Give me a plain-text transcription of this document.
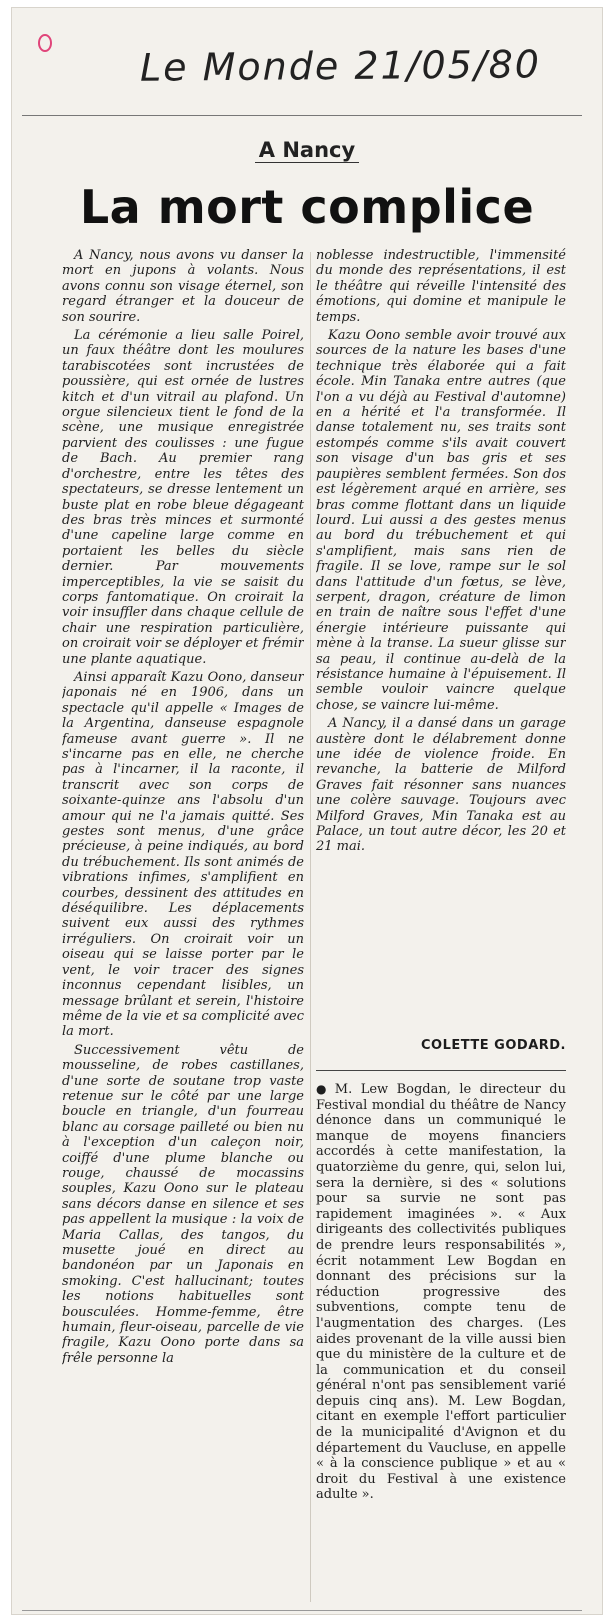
Le Monde 21/05/80
A Nancy
La mort complice

A Nancy, nous avons vu danser la mort en jupons à volants. Nous avons connu son visage éternel, son regard étranger et la douceur de son sourire.

La cérémonie a lieu salle Poirel, un faux théâtre dont les moulures tarabiscotées sont incrustées de poussière, qui est ornée de lustres kitch et d'un vitrail au plafond. Un orgue silencieux tient le fond de la scène, une musique enregistrée parvient des coulisses : une fugue de Bach. Au premier rang d'orchestre, entre les têtes des spectateurs, se dresse lentement un buste plat en robe bleue dégageant des bras très minces et surmonté d'une capeline large comme en portaient les belles du siècle dernier. Par mouvements imperceptibles, la vie se saisit du corps fantomatique. On croirait la voir insuffler dans chaque cellule de chair une respiration particulière, on croirait voir se déployer et frémir une plante aquatique.

Ainsi apparaît Kazu Oono, danseur japonais né en 1906, dans un spectacle qu'il appelle « Images de la Argentina, danseuse espagnole fameuse avant guerre ». Il ne s'incarne pas en elle, ne cherche pas à l'incarner, il la raconte, il transcrit avec son corps de soixante-quinze ans l'absolu d'un amour qui ne l'a jamais quitté. Ses gestes sont menus, d'une grâce précieuse, à peine indiqués, au bord du trébuchement. Ils sont animés de vibrations infimes, s'amplifient en courbes, dessinent des attitudes en déséquilibre. Les déplacements suivent eux aussi des rythmes irréguliers. On croirait voir un oiseau qui se laisse porter par le vent, le voir tracer des signes inconnus cependant lisibles, un message brûlant et serein, l'histoire même de la vie et sa complicité avec la mort.

Successivement vêtu de mousseline, de robes castillanes, d'une sorte de soutane trop vaste retenue sur le côté par une large boucle en triangle, d'un fourreau blanc au corsage pailleté ou bien nu à l'exception d'un caleçon noir, coiffé d'une plume blanche ou rouge, chaussé de mocassins souples, Kazu Oono sur le plateau sans décors danse en silence et ses pas appellent la musique : la voix de Maria Callas, des tangos, du musette joué en direct au bandonéon par un Japonais en smoking. C'est hallucinant; toutes les notions habituelles sont bousculées. Homme-femme, être humain, fleur-oiseau, parcelle de vie fragile, Kazu Oono porte dans sa frêle personne la

noblesse indestructible, l'immensité du monde des représentations, il est le théâtre qui réveille l'intensité des émotions, qui domine et manipule le temps.

Kazu Oono semble avoir trouvé aux sources de la nature les bases d'une technique très élaborée qui a fait école. Min Tanaka entre autres (que l'on a vu déjà au Festival d'automne) en a hérité et l'a transformée. Il danse totalement nu, ses traits sont estompés comme s'ils avait couvert son visage d'un bas gris et ses paupières semblent fermées. Son dos est légèrement arqué en arrière, ses bras comme flottant dans un liquide lourd. Lui aussi a des gestes menus au bord du trébuchement et qui s'amplifient, mais sans rien de fragile. Il se love, rampe sur le sol dans l'attitude d'un fœtus, se lève, serpent, dragon, créature de limon en train de naître sous l'effet d'une énergie intérieure puissante qui mène à la transe. La sueur glisse sur sa peau, il continue au-delà de la résistance humaine à l'épuisement. Il semble vouloir vaincre quelque chose, se vaincre lui-même.

A Nancy, il a dansé dans un garage austère dont le délabrement donne une idée de violence froide. En revanche, la batterie de Milford Graves fait résonner sans nuances une colère sauvage. Toujours avec Milford Graves, Min Tanaka est au Palace, un tout autre décor, les 20 et 21 mai.

COLETTE GODARD.

● M. Lew Bogdan, le directeur du Festival mondial du théâtre de Nancy dénonce dans un communiqué le manque de moyens financiers accordés à cette manifestation, la quatorzième du genre, qui, selon lui, sera la dernière, si des « solutions pour sa survie ne sont pas rapidement imaginées ». « Aux dirigeants des collectivités publiques de prendre leurs responsabilités », écrit notamment Lew Bogdan en donnant des précisions sur la réduction progressive des subventions, compte tenu de l'augmentation des charges. (Les aides provenant de la ville aussi bien que du ministère de la culture et de la communication et du conseil général n'ont pas sensiblement varié depuis cinq ans). M. Lew Bogdan, citant en exemple l'effort particulier de la municipalité d'Avignon et du département du Vaucluse, en appelle « à la conscience publique » et au « droit du Festival à une existence adulte ».
